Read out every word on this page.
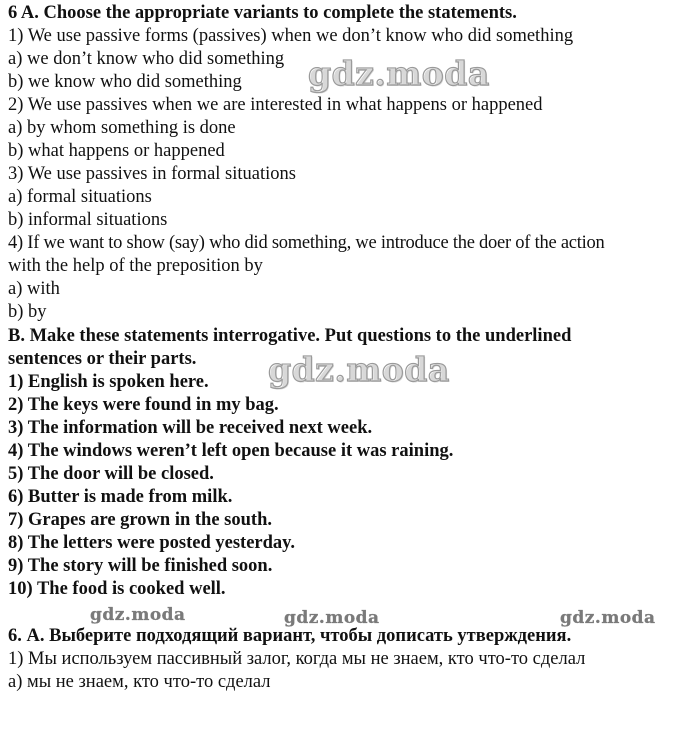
6 A. Choose the appropriate variants to complete the statements.
1) We use passive forms (passives) when we don’t know who did something
a) we don’t know who did something
b) we know who did something
2) We use passives when we are interested in what happens or happened
a) by whom something is done
b) what happens or happened
3) We use passives in formal situations
a) formal situations
b) informal situations
4) If we want to show (say) who did something, we introduce the doer of the action
with the help of the preposition by
a) with
b) by
B. Make these statements interrogative. Put questions to the underlined
sentences or their parts.
1) English is spoken here.
2) The keys were found in my bag.
3) The information will be received next week.
4) The windows weren’t left open because it was raining.
5) The door will be closed.
6) Butter is made from milk.
7) Grapes are grown in the south.
8) The letters were posted yesterday.
9) The story will be finished soon.
10) The food is cooked well.
6. А. Выберите подходящий вариант, чтобы дописать утверждения.
1) Мы используем пассивный залог, когда мы не знаем, кто что-то сделал
а) мы не знаем, кто что-то сделал
gdz.moda
gdz.moda
gdz.moda	gdz.moda	gdz.moda
